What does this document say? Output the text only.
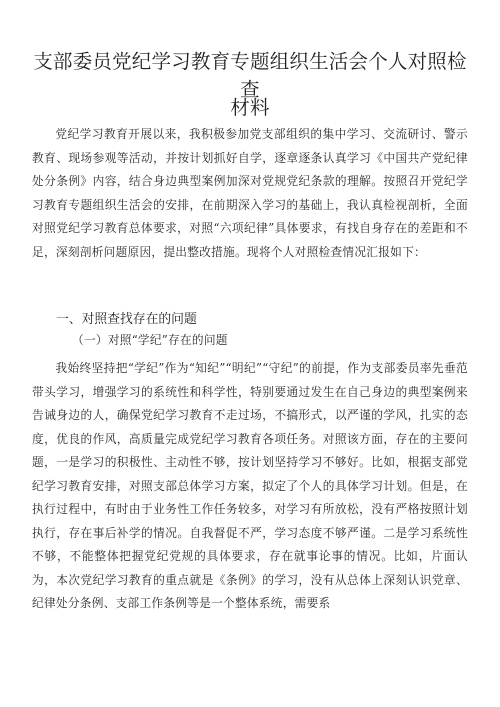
支部委员党纪学习教育专题组织生活会个人对照检查
材料
党纪学习教育开展以来，我积极参加党支部组织的集中学习、交流研讨、警示教育、现场参观等活动，并按计划抓好自学，逐章逐条认真学习《中国共产党纪律处分条例》内容，结合身边典型案例加深对党规党纪条款的理解。按照召开党纪学习教育专题组织生活会的安排，在前期深入学习的基础上，我认真检视剖析，全面对照党纪学习教育总体要求，对照“六项纪律”具体要求，有找自身存在的差距和不足，深刻剖析问题原因，提出整改措施。现将个人对照检查情况汇报如下：
一、对照查找存在的问题
（一）对照“学纪”存在的问题
我始终坚持把“学纪”作为“知纪”“明纪”“守纪”的前提，作为支部委员率先垂范带头学习，增强学习的系统性和科学性，特别要通过发生在自己身边的典型案例来告诫身边的人，确保党纪学习教育不走过场，不搞形式，以严谨的学风，扎实的态度，优良的作风，高质量完成党纪学习教育各项任务。对照该方面，存在的主要问题，一是学习的积极性、主动性不够，按计划坚持学习不够好。比如，根据支部党纪学习教育安排，对照支部总体学习方案，拟定了个人的具体学习计划。但是，在执行过程中，有时由于业务性工作任务较多，对学习有所放松，没有严格按照计划执行，存在事后补学的情况。自我督促不严，学习态度不够严谨。二是学习系统性不够，不能整体把握党纪党规的具体要求，存在就事论事的情况。比如，片面认为，本次党纪学习教育的重点就是《条例》的学习，没有从总体上深刻认识党章、纪律处分条例、支部工作条例等是一个整体系统，需要系
